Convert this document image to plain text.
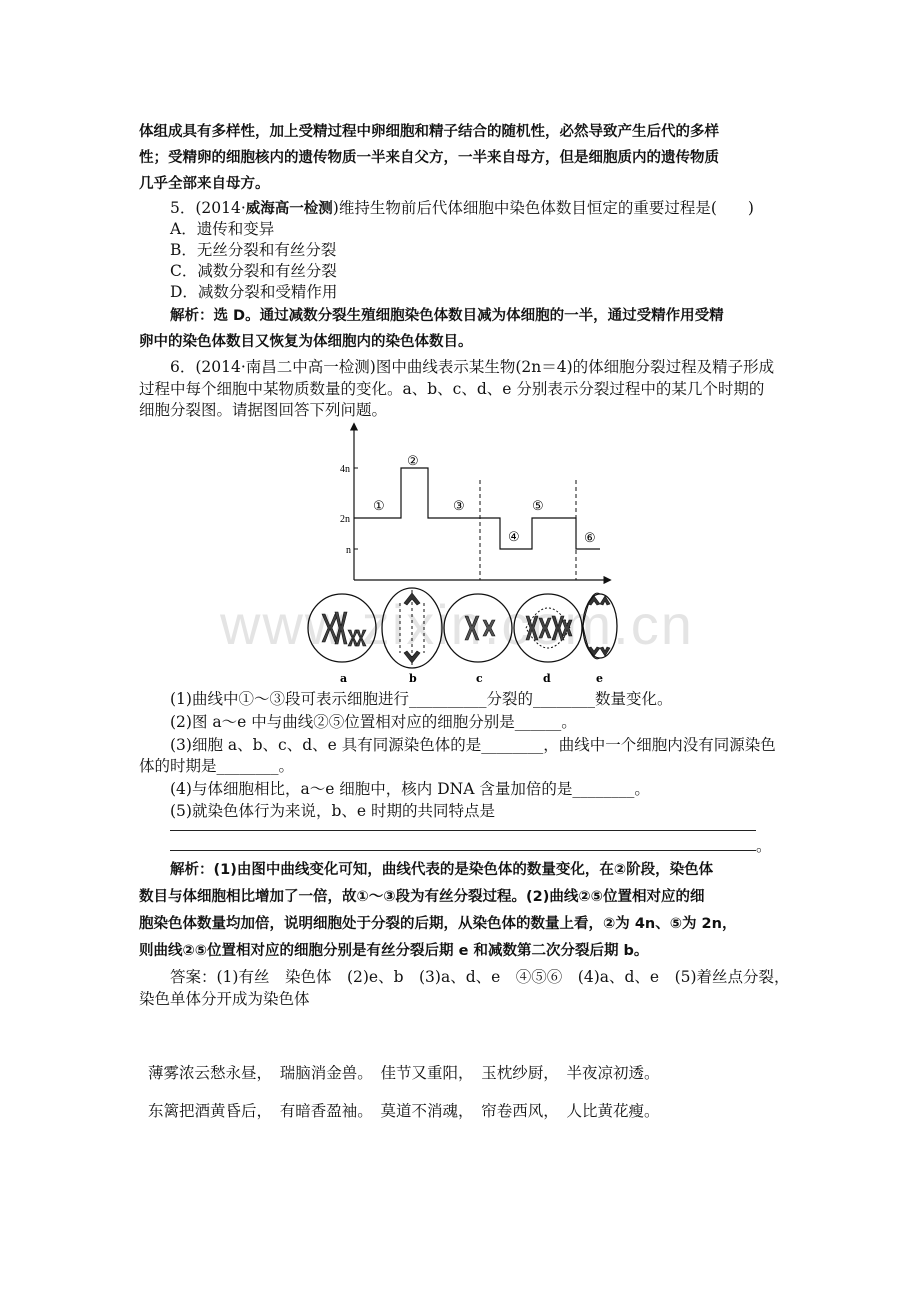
体组成具有多样性，加上受精过程中卵细胞和精子结合的随机性，必然导致产生后代的多样
性；受精卵的细胞核内的遗传物质一半来自父方，一半来自母方，但是细胞质内的遗传物质
几乎全部来自母方。
5．(2014·威海高一检测)维持生物前后代体细胞中染色体数目恒定的重要过程是(　　)
A．遗传和变异
B．无丝分裂和有丝分裂
C．减数分裂和有丝分裂
D．减数分裂和受精作用
解析：选 D。通过减数分裂生殖细胞染色体数目减为体细胞的一半，通过受精作用受精
卵中的染色体数目又恢复为体细胞内的染色体数目。
6．(2014·南昌二中高一检测)图中曲线表示某生物(2n＝4)的体细胞分裂过程及精子形成
过程中每个细胞中某物质数量的变化。a、b、c、d、e 分别表示分裂过程中的某几个时期的
细胞分裂图。请据图回答下列问题。
4n
2n
n
①
②
③
④
⑤
⑥
a	b	c	d	e
www.zixin.com.cn
(1)曲线中①～③段可表示细胞进行__________分裂的________数量变化。
(2)图 a～e 中与曲线②⑤位置相对应的细胞分别是______。
(3)细胞 a、b、c、d、e 具有同源染色体的是________，曲线中一个细胞内没有同源染色
体的时期是________。
(4)与体细胞相比，a～e 细胞中，核内 DNA 含量加倍的是________。
(5)就染色体行为来说，b、e 时期的共同特点是
。
解析：(1)由图中曲线变化可知，曲线代表的是染色体的数量变化，在②阶段，染色体
数目与体细胞相比增加了一倍，故①～③段为有丝分裂过程。(2)曲线②⑤位置相对应的细
胞染色体数量均加倍，说明细胞处于分裂的后期，从染色体的数量上看，②为 4n、⑤为 2n，
则曲线②⑤位置相对应的细胞分别是有丝分裂后期 e 和减数第二次分裂后期 b。
答案：(1)有丝　染色体　(2)e、b　(3)a、d、e　④⑤⑥　(4)a、d、e　(5)着丝点分裂，
染色单体分开成为染色体
薄雾浓云愁永昼，　瑞脑消金兽。　佳节又重阳，　玉枕纱厨，　半夜凉初透。
东篱把酒黄昏后，　有暗香盈袖。　莫道不消魂，　帘卷西风，　人比黄花瘦。
